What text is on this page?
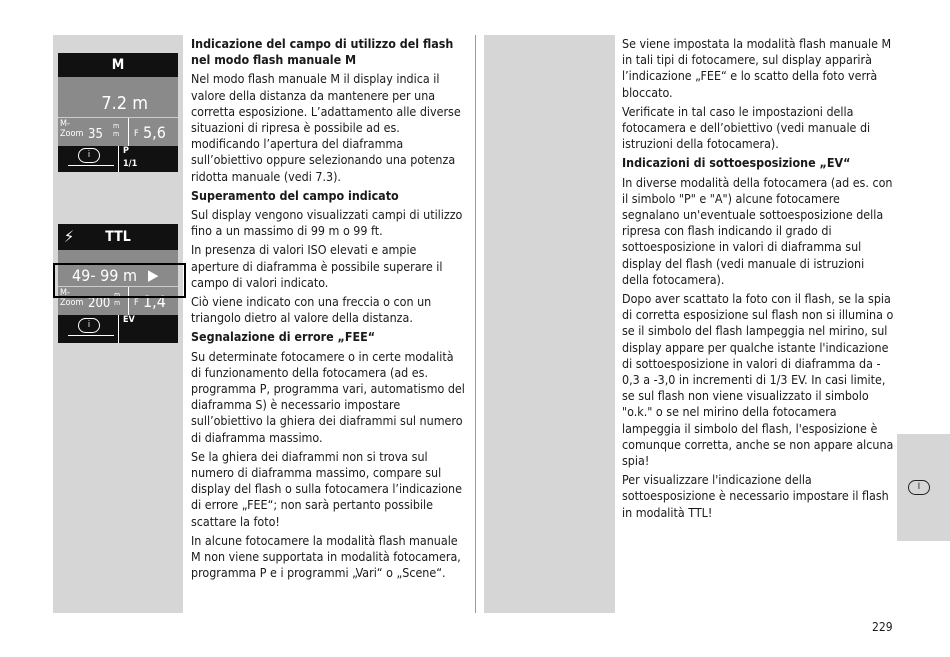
I
M
7.2 m
M-
Zoom 35
m
m F 5,6
i	P
1/1
⚡ TTL
49- 99 m ▶
M-
Zoom 200
m
m F 1,4
i	EV
Indicazione del campo di utilizzo del flash nel modo flash manuale M

Nel modo flash manuale M il display indica il valore della distanza da mantenere per una corretta esposizione. L’adattamento alle diverse situazioni di ripresa è possibile ad es. modificando l’apertura del diaframma sull’obiettivo oppure selezionando una potenza ridotta manuale (vedi 7.3).

Superamento del campo indicato

Sul display vengono visualizzati campi di utilizzo fino a un massimo di 99 m o 99 ft.

In presenza di valori ISO elevati e ampie aperture di diaframma è possibile superare il campo di valori indicato.

Ciò viene indicato con una freccia o con un triangolo dietro al valore della distanza.

Segnalazione di errore „FEE“

Su determinate fotocamere o in certe modalità di funzionamento della fotocamera (ad es. programma P, programma vari, automatismo del diaframma S) è necessario impostare sull’obiettivo la ghiera dei diaframmi sul numero di diaframma massimo.

Se la ghiera dei diaframmi non si trova sul numero di diaframma massimo, compare sul display del flash o sulla fotocamera l’indicazione di errore „FEE“; non sarà pertanto possibile scattare la foto!

In alcune fotocamere la modalità flash manuale M non viene supportata in modalità fotocamera, programma P e i programmi „Vari“ o „Scene“.

Se viene impostata la modalità flash manuale M in tali tipi di fotocamere, sul display apparirà l’indicazione „FEE“ e lo scatto della foto verrà bloccato.

Verificate in tal caso le impostazioni della fotocamera e dell’obiettivo (vedi manuale di istruzioni della fotocamera).

Indicazioni di sottoesposizione „EV“

In diverse modalità della fotocamera (ad es. con il simbolo "P" e "A") alcune fotocamere segnalano un'eventuale sottoesposizione della ripresa con flash indicando il grado di sottoesposizione in valori di diaframma sul display del flash (vedi manuale di istruzioni della fotocamera).

Dopo aver scattato la foto con il flash, se la spia di corretta esposizione sul flash non si illumina o se il simbolo del flash lampeggia nel mirino, sul display appare per qualche istante l'indicazione di sottoesposizione in valori di diaframma da - 0,3 a -3,0 in incrementi di 1/3 EV. In casi limite, se sul flash non viene visualizzato il simbolo "o.k." o se nel mirino della fotocamera lampeggia il simbolo del flash, l'esposizione è comunque corretta, anche se non appare alcuna spia!

Per visualizzare l'indicazione della sottoesposizione è necessario impostare il flash in modalità TTL!

229
